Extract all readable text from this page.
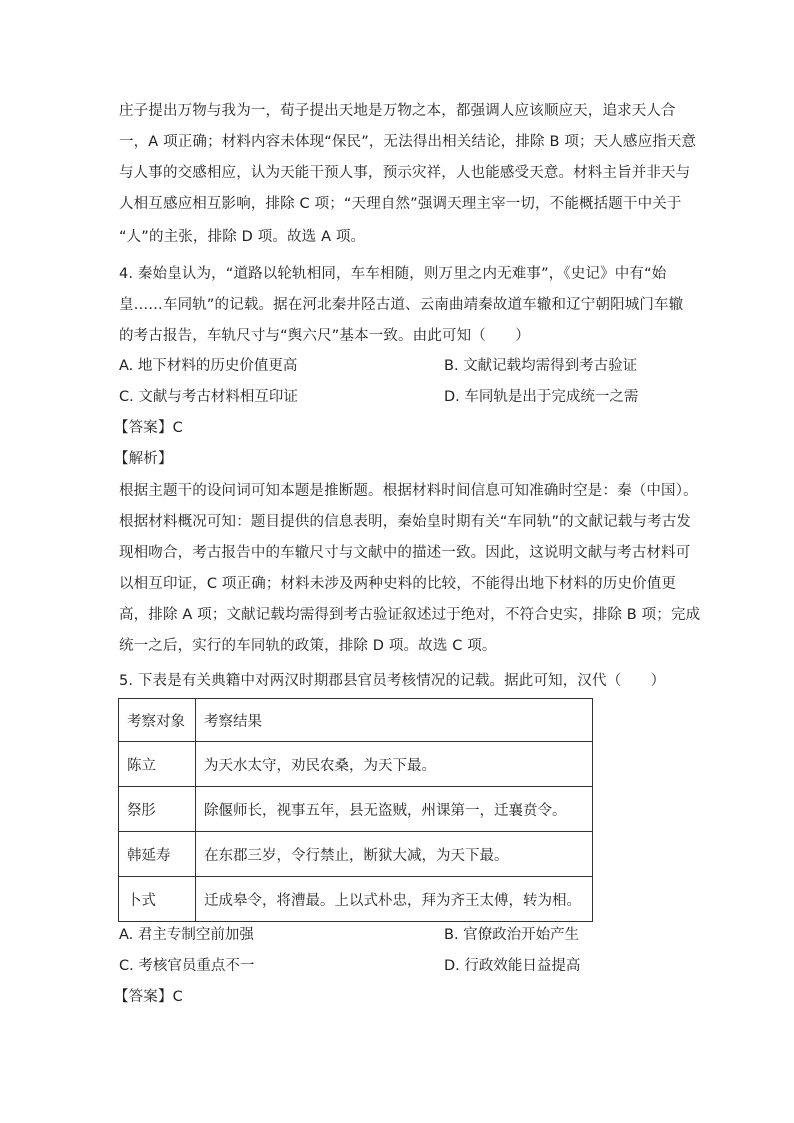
庄子提出万物与我为一，荀子提出天地是万物之本，都强调人应该顺应天，追求天人合
一，A 项正确；材料内容未体现“保民”，无法得出相关结论，排除 B 项；天人感应指天意
与人事的交感相应，认为天能干预人事，预示灾祥，人也能感受天意。材料主旨并非天与
人相互感应相互影响，排除 C 项；“天理自然”强调天理主宰一切，不能概括题干中关于
“人”的主张，排除 D 项。故选 A 项。
4. 秦始皇认为，“道路以轮轨相同，车车相随，则万里之内无难事”，《史记》中有“始
皇……车同轨”的记载。据在河北秦井陉古道、云南曲靖秦故道车辙和辽宁朝阳城门车辙
的考古报告，车轨尺寸与“舆六尺”基本一致。由此可知（　　）
A. 地下材料的历史价值更高	B. 文献记载均需得到考古验证
C. 文献与考古材料相互印证	D. 车同轨是出于完成统一之需
【答案】C
【解析】
根据主题干的设问词可知本题是推断题。根据材料时间信息可知准确时空是：秦（中国）。
根据材料概况可知：题目提供的信息表明，秦始皇时期有关“车同轨”的文献记载与考古发
现相吻合，考古报告中的车辙尺寸与文献中的描述一致。因此，这说明文献与考古材料可
以相互印证，C 项正确；材料未涉及两种史料的比较，不能得出地下材料的历史价值更
高，排除 A 项；文献记载均需得到考古验证叙述过于绝对，不符合史实，排除 B 项；完成
统一之后，实行的车同轨的政策，排除 D 项。故选 C 项。
5. 下表是有关典籍中对两汉时期郡县官员考核情况的记载。据此可知，汉代（　　）
考察对象	考察结果
陈立	为天水太守，劝民农桑，为天下最。
祭肜	除偃师长，视事五年，县无盗贼，州课第一，迁襄贲令。
韩延寿	在东郡三岁，令行禁止，断狱大减，为天下最。
卜式	迁成皋令，将漕最。上以式朴忠，拜为齐王太傅，转为相。
A. 君主专制空前加强	B. 官僚政治开始产生
C. 考核官员重点不一	D. 行政效能日益提高
【答案】C
